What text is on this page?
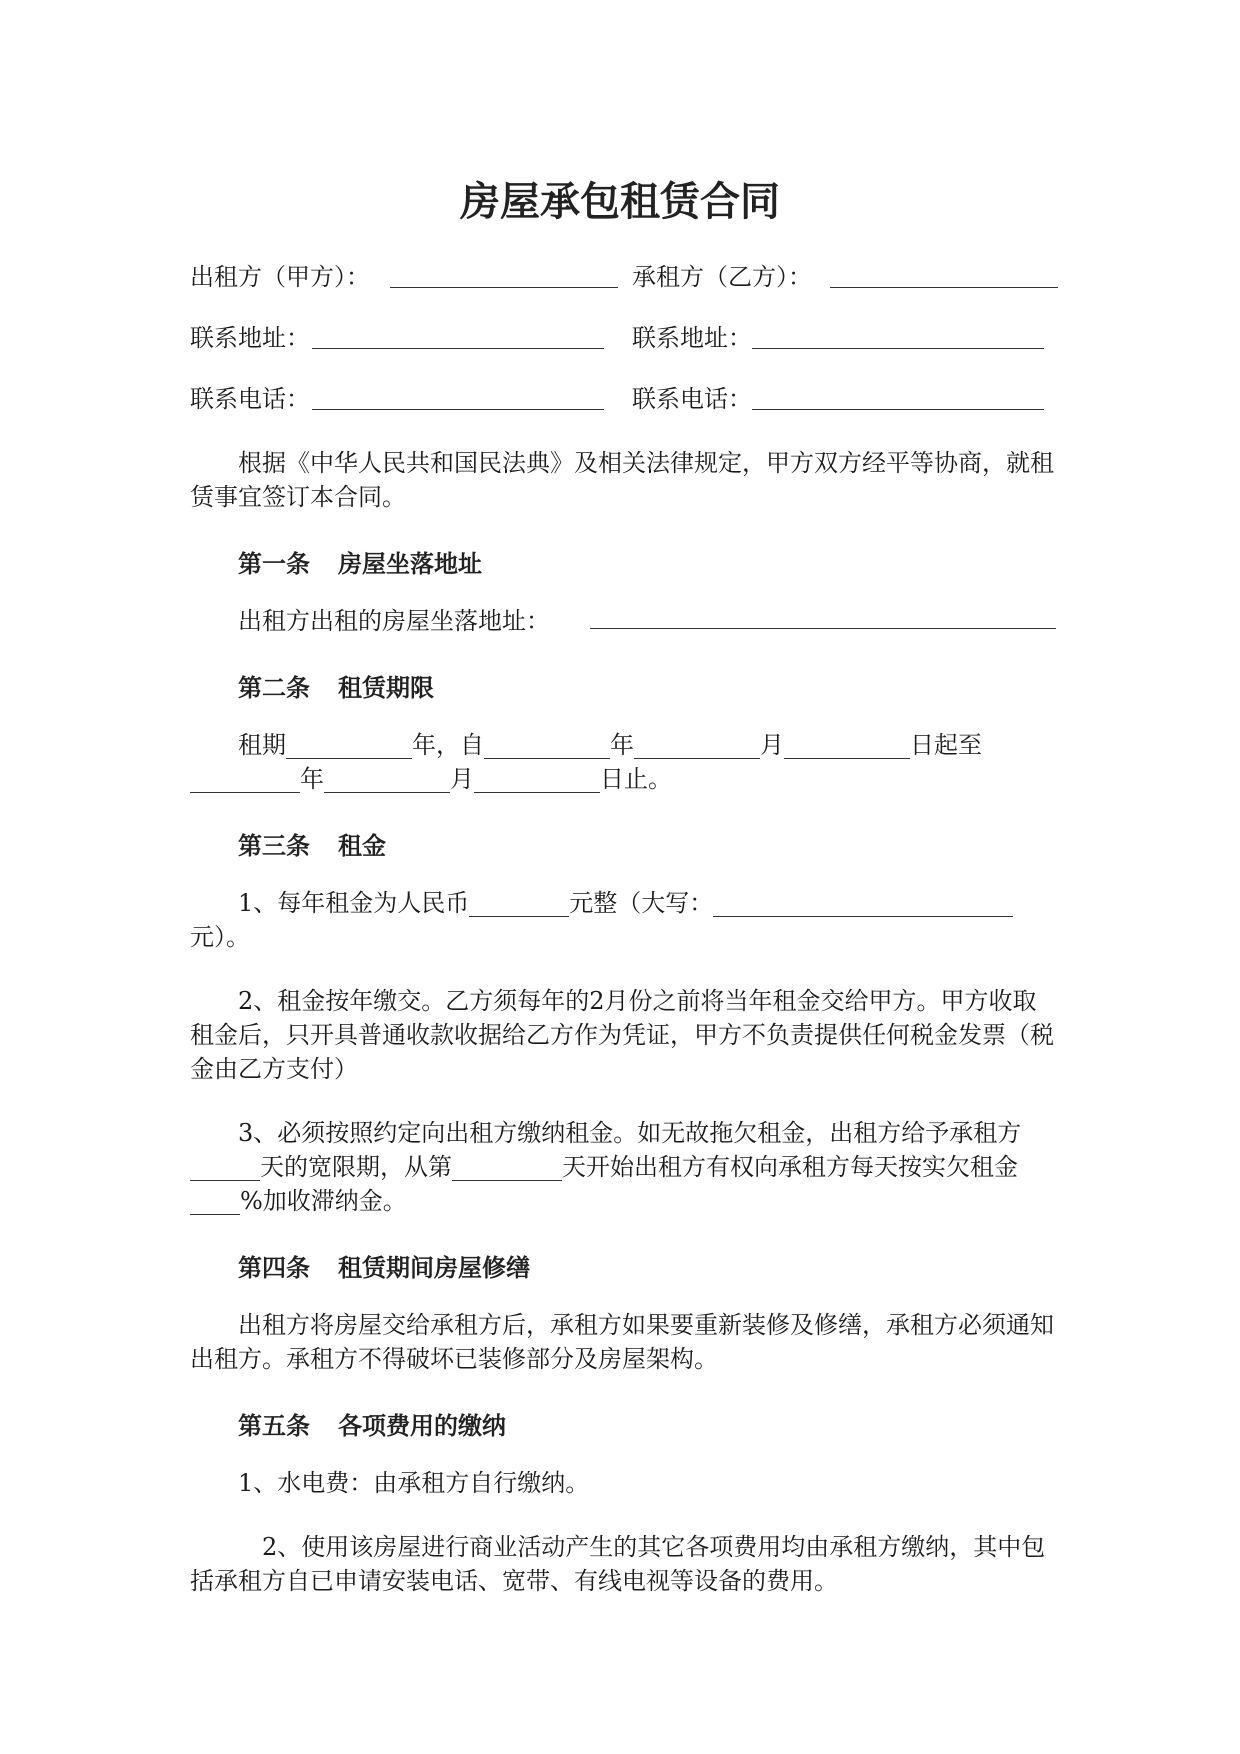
房屋承包租赁合同
出租方（甲方）：	承租方（乙方）：
联系地址：	联系地址：
联系电话：	联系电话：

根据《中华人民共和国民法典》及相关法律规定，甲方双方经平等协商，就租赁事宜签订本合同。

第一条 房屋坐落地址
出租方出租的房屋坐落地址：
第二条 租赁期限
租期	年，自	年	月	日起至年	月	日止。
第三条 租金
1、每年租金为人民币	元整（大写：元）。

2、租金按年缴交。乙方须每年的2月份之前将当年租金交给甲方。甲方收取租金后，只开具普通收款收据给乙方作为凭证，甲方不负责提供任何税金发票（税金由乙方支付）

3、必须按照约定向出租方缴纳租金。如无故拖欠租金，出租方给予承租方天的宽限期，从第	天开始出租方有权向承租方每天按实欠租金%加收滞纳金。
第四条 租赁期间房屋修缮

出租方将房屋交给承租方后，承租方如果要重新装修及修缮，承租方必须通知出租方。承租方不得破坏已装修部分及房屋架构。

第五条 各项费用的缴纳

1、水电费：由承租方自行缴纳。

2、使用该房屋进行商业活动产生的其它各项费用均由承租方缴纳，其中包括承租方自已申请安装电话、宽带、有线电视等设备的费用。
